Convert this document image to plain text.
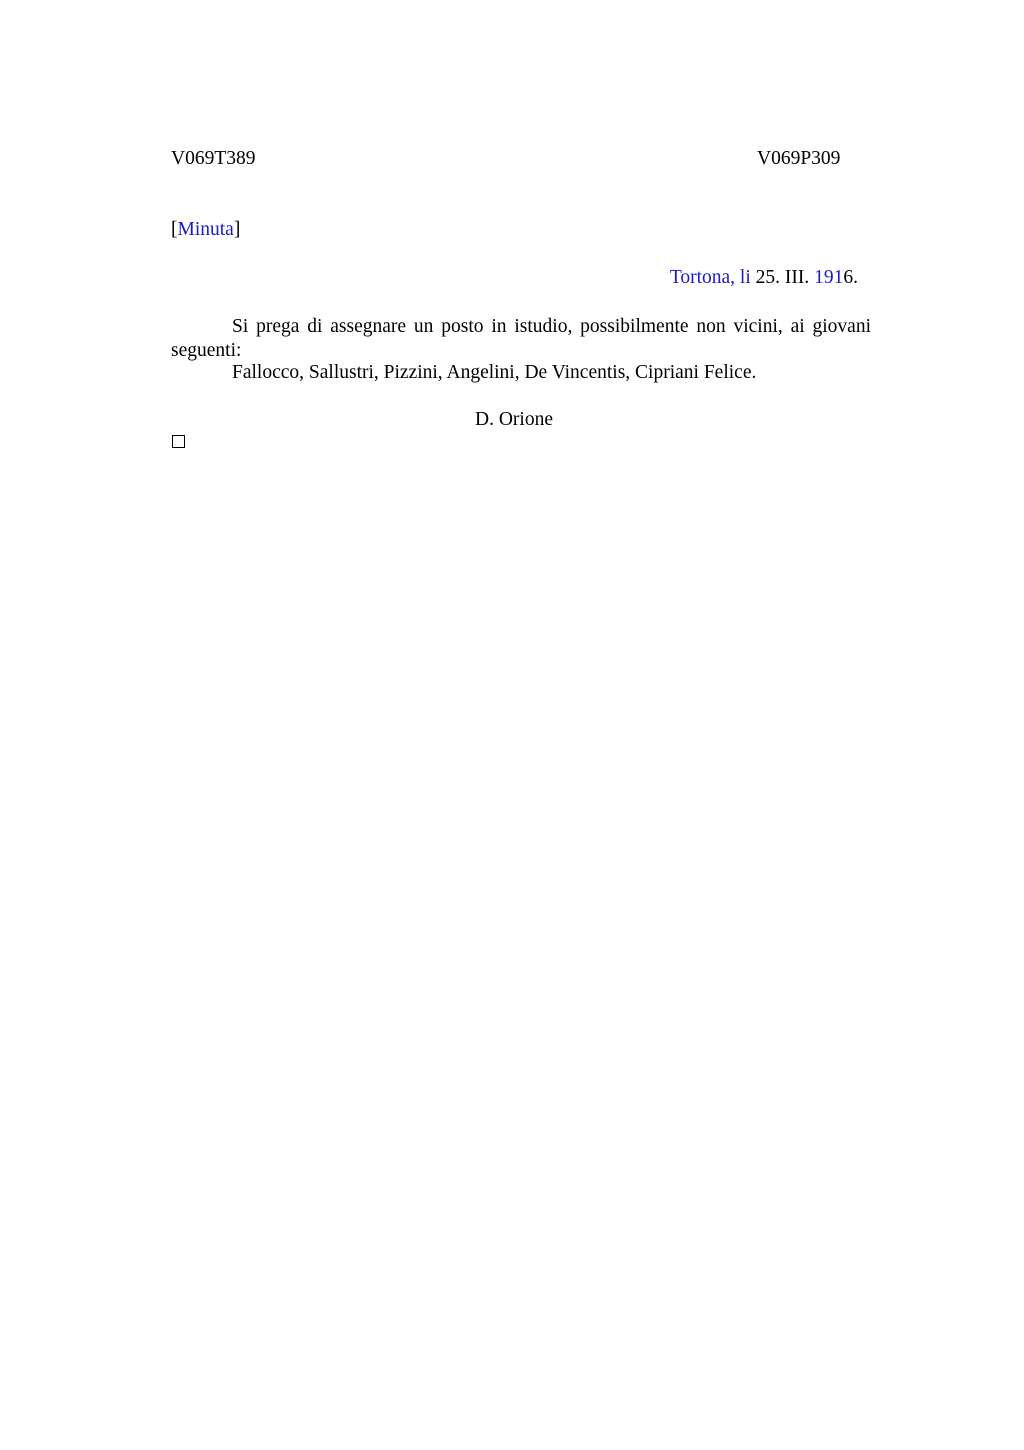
V069T389	V069P309
[Minuta]
Tortona, li 25. III. 1916.
Si prega di assegnare un posto in istudio, possibilmente non vicini, ai giovani seguenti:
Fallocco, Sallustri, Pizzini, Angelini, De Vincentis, Cipriani Felice.
D. Orione
